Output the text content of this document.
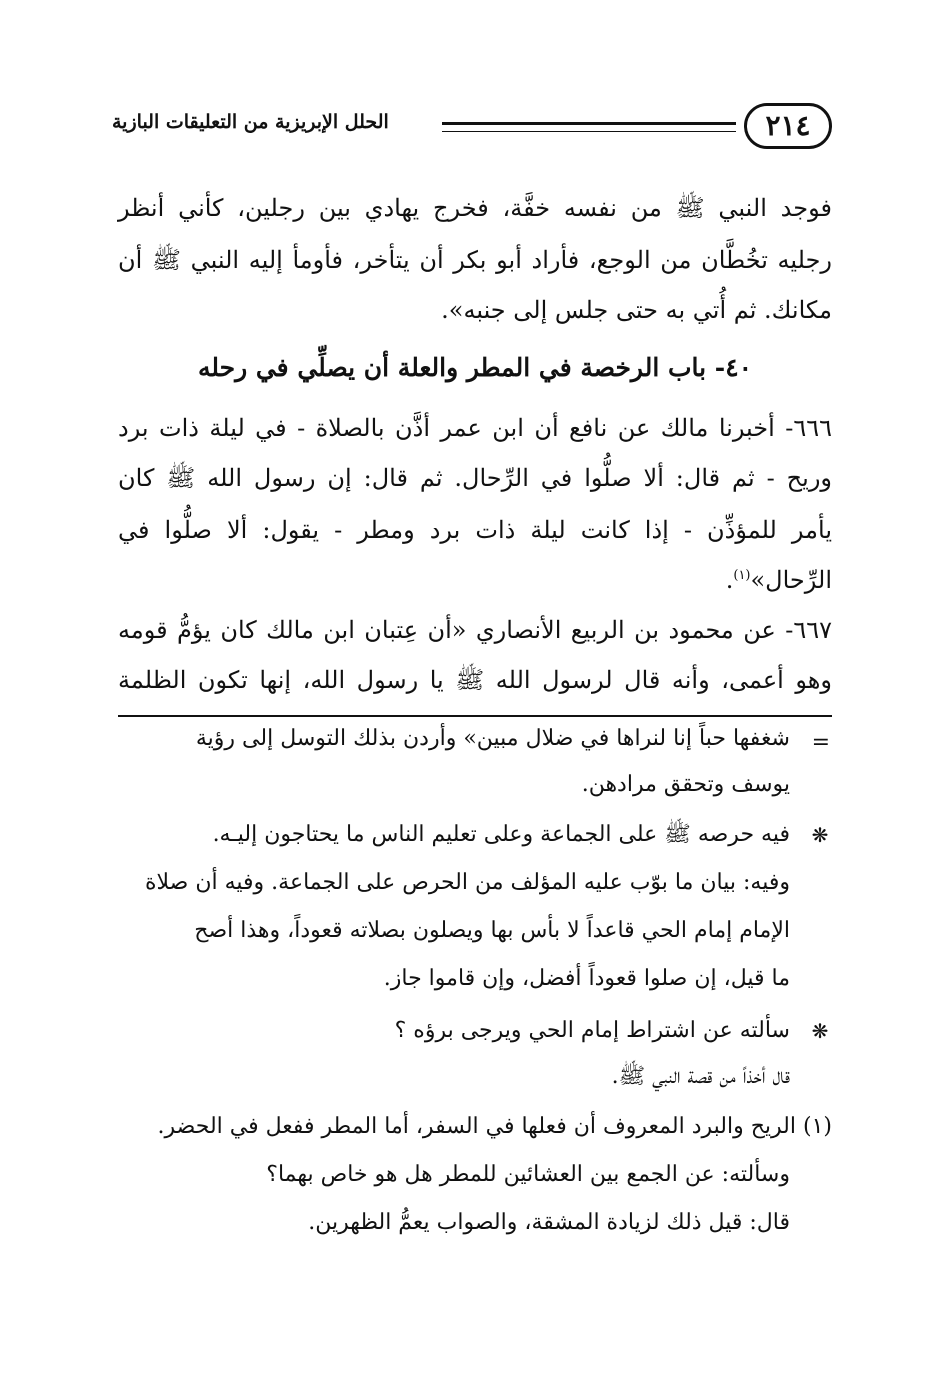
٢١٤
الحلل الإبريزية من التعليقات البازية
فوجد النبي ﷺ من نفسه خفَّة، فخرج يهادي بين رجلين، كأني أنظر
رجليه تخُطَّان من الوجع، فأراد أبو بكر أن يتأخر، فأومأ إليه النبي ﷺ أن
مكانك. ثم أُتي به حتى جلس إلى جنبه».
٤٠- باب الرخصة في المطر والعلة أن يصلِّي في رحله
٦٦٦- أخبرنا مالك عن نافع أن ابن عمر أذَّن بالصلاة - في ليلة ذات برد
وريح - ثم قال: ألا صلُّوا في الرِّحال. ثم قال: إن رسول الله ﷺ كان
يأمر للمؤذِّن - إذا كانت ليلة ذات برد ومطر - يقول: ألا صلُّوا في
الرِّحال»$^{(١)}$.
٦٦٧- عن محمود بن الربيع الأنصاري «أن عِتبان ابن مالك كان يؤمُّ قومه
وهو أعمى، وأنه قال لرسول الله ﷺ يا رسول الله، إنها تكون الظلمة
=
شغفها حباً إنا لنراها في ضلال مبين» وأردن بذلك التوسل إلى رؤية
يوسف وتحقق مرادهن.
❋
فيه حرصه ﷺ على الجماعة وعلى تعليم الناس ما يحتاجون إليـه.
وفيه: بيان ما بوّب عليه المؤلف من الحرص على الجماعة. وفيه أن صلاة
الإمام إمام الحي قاعداً لا بأس بها ويصلون بصلاته قعوداً، وهذا أصح
ما قيل، إن صلوا قعوداً أفضل، وإن قاموا جاز.
❋
سألته عن اشتراط إمام الحي ويرجى برؤه ؟
قال أخذاً من قصة النبي ﷺ.
(١) الريح والبرد المعروف أن فعلها في السفر، أما المطر ففعل في الحضر.
وسألته: عن الجمع بين العشائين للمطر هل هو خاص بهما؟
قال: قيل ذلك لزيادة المشقة، والصواب يعمُّ الظهرين.
